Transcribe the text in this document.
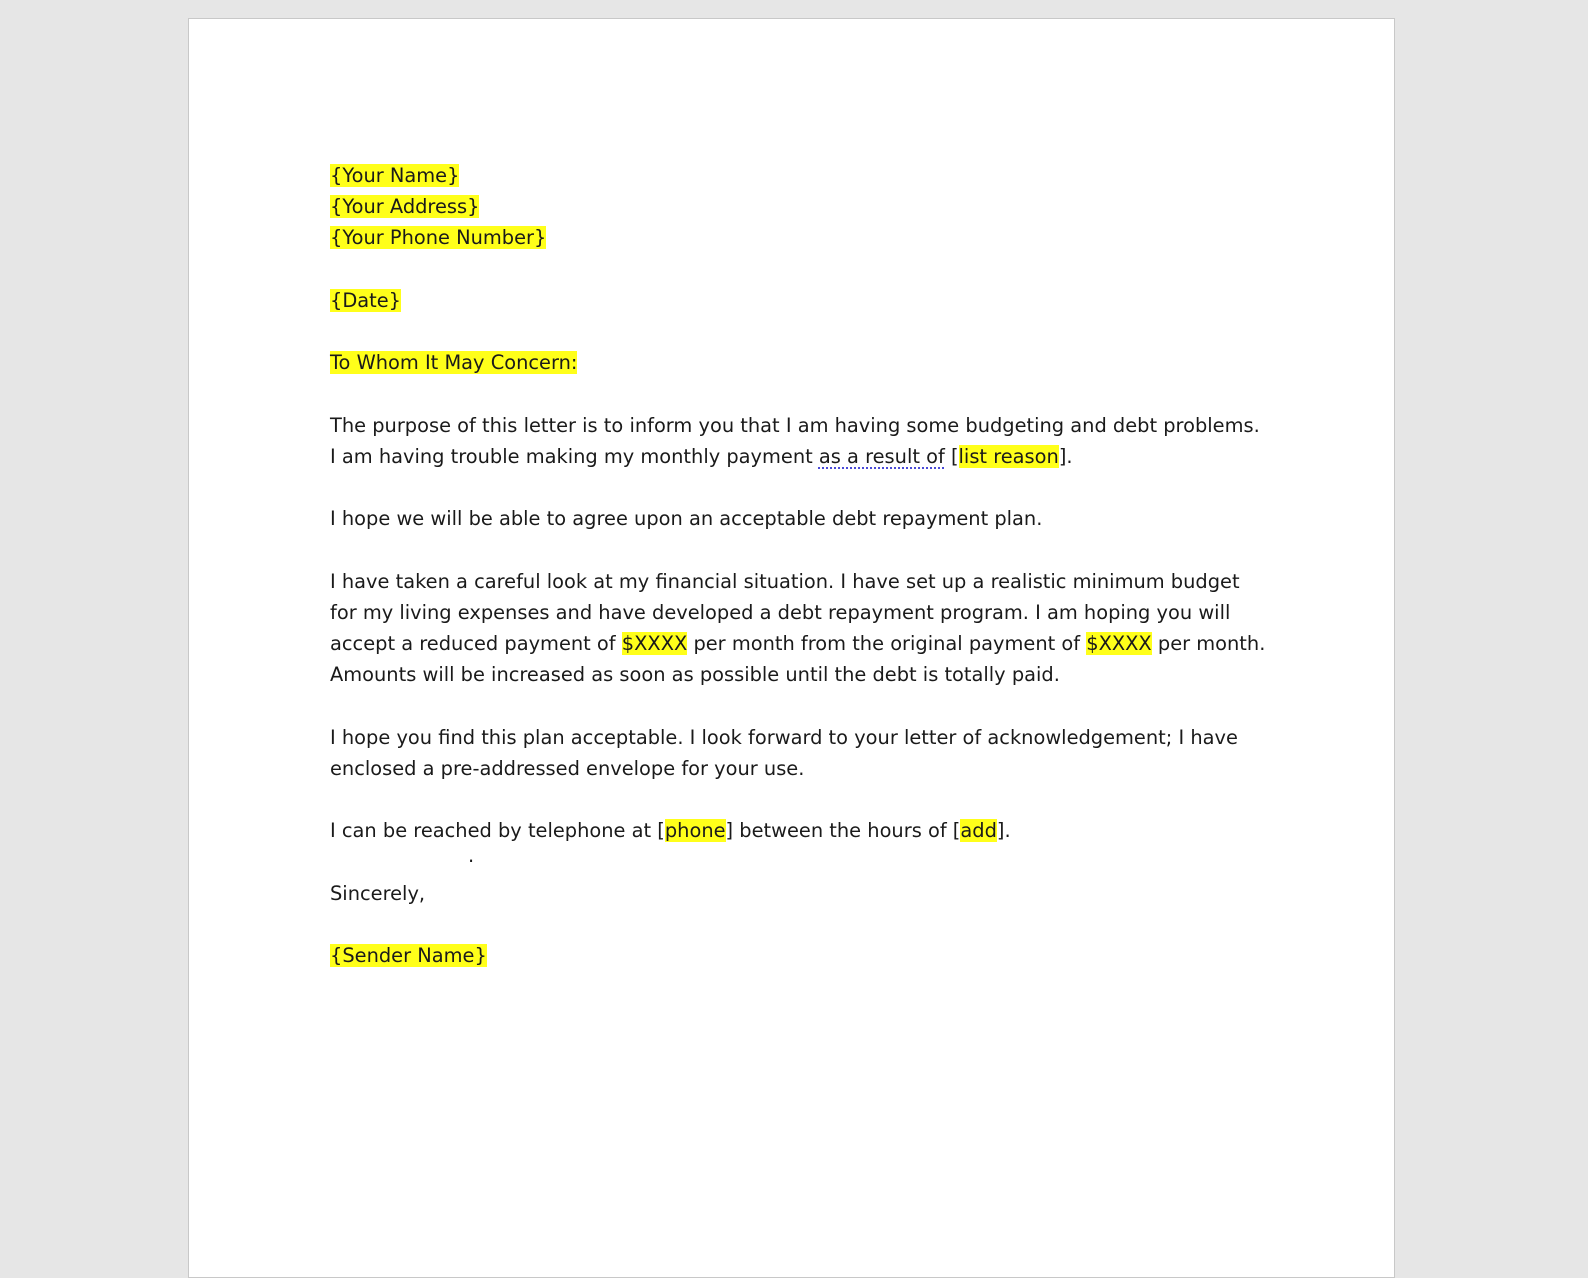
{Your Name}

{Your Address}

{Your Phone Number}

{Date}

To Whom It May Concern:

The purpose of this letter is to inform you that I am having some budgeting and debt problems. I am having trouble making my monthly payment as a result of [list reason].

I hope we will be able to agree upon an acceptable debt repayment plan.

I have taken a careful look at my financial situation. I have set up a realistic minimum budget for my living expenses and have developed a debt repayment program. I am hoping you will accept a reduced payment of $XXXX per month from the original payment of $XXXX per month. Amounts will be increased as soon as possible until the debt is totally paid.

I hope you find this plan acceptable. I look forward to your letter of acknowledgement; I have enclosed a pre-addressed envelope for your use.

I can be reached by telephone at [phone] between the hours of [add].

.

Sincerely,

{Sender Name}
